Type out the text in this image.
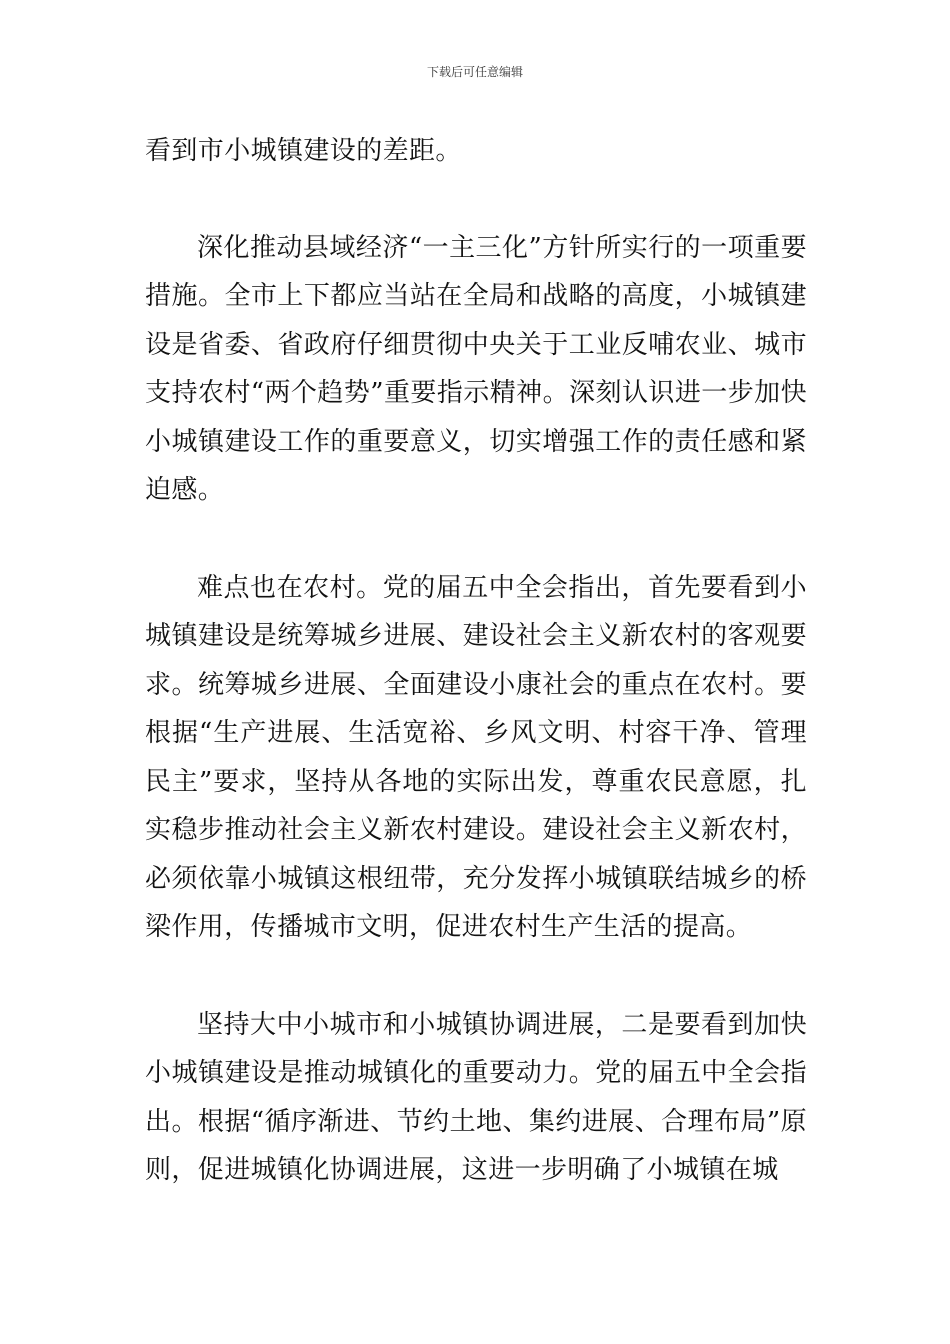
下载后可任意编辑

看到市小城镇建设的差距。

深化推动县域经济“一主三化”方针所实行的一项重要措施。全市上下都应当站在全局和战略的高度，小城镇建设是省委、省政府仔细贯彻中央关于工业反哺农业、城市支持农村“两个趋势”重要指示精神。深刻认识进一步加快小城镇建设工作的重要意义，切实增强工作的责任感和紧迫感。

难点也在农村。党的届五中全会指出，首先要看到小城镇建设是统筹城乡进展、建设社会主义新农村的客观要求。统筹城乡进展、全面建设小康社会的重点在农村。要根据“生产进展、生活宽裕、乡风文明、村容干净、管理民主”要求，坚持从各地的实际出发，尊重农民意愿，扎实稳步推动社会主义新农村建设。建设社会主义新农村，必须依靠小城镇这根纽带，充分发挥小城镇联结城乡的桥梁作用，传播城市文明，促进农村生产生活的提高。

坚持大中小城市和小城镇协调进展，二是要看到加快小城镇建设是推动城镇化的重要动力。党的届五中全会指出。根据“循序渐进、节约土地、集约进展、合理布局”原则，促进城镇化协调进展，这进一步明确了小城镇在城
